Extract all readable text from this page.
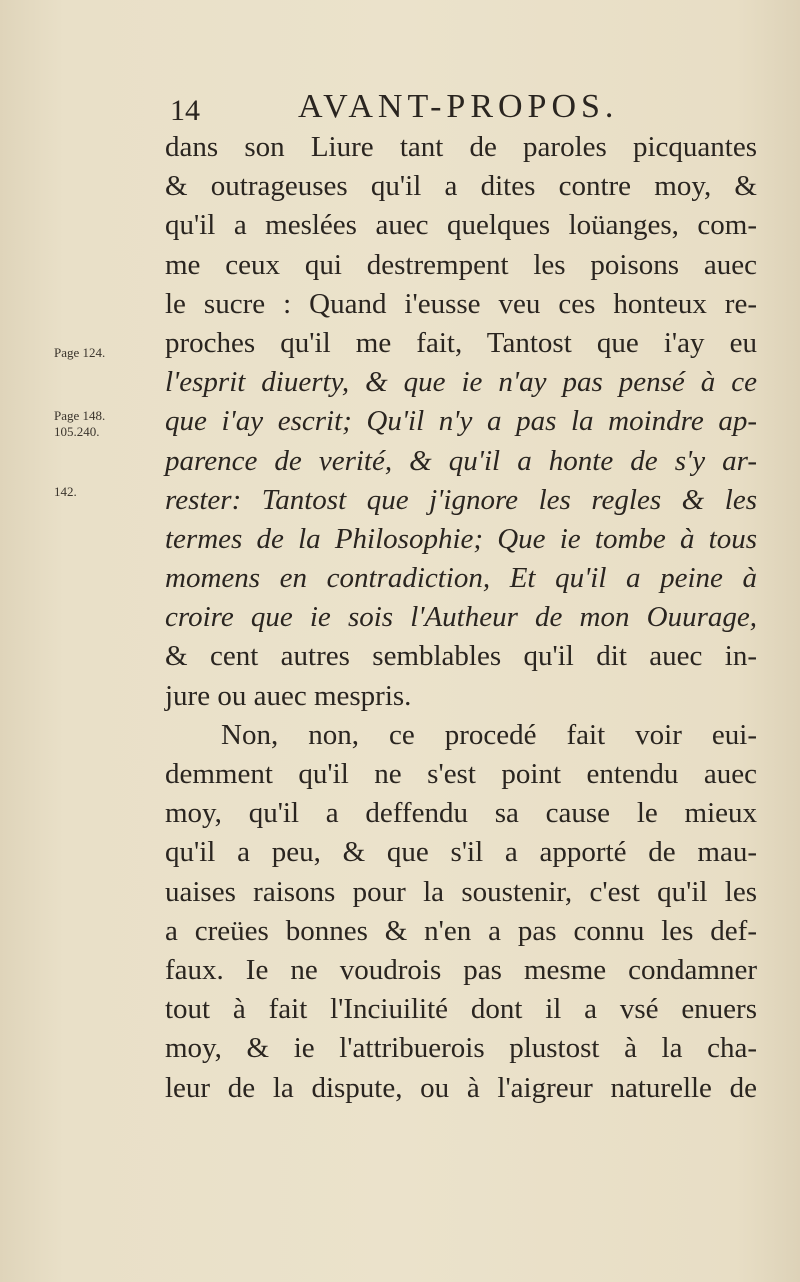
14	AVANT-PROPOS.
Page 124.
Page 148.
105.240.
142.
dans son Liure tant de paroles picquantes
& outrageuses qu'il a dites contre moy, &
qu'il a meslées auec quelques loüanges, com-
me ceux qui destrempent les poisons auec
le sucre : Quand i'eusse veu ces honteux re-
proches qu'il me fait, Tantost que i'ay eu
l'esprit diuerty, & que ie n'ay pas pensé à ce
que i'ay escrit; Qu'il n'y a pas la moindre ap-
parence de verité, & qu'il a honte de s'y ar-
rester: Tantost que j'ignore les regles & les
termes de la Philosophie; Que ie tombe à tous
momens en contradiction, Et qu'il a peine à
croire que ie sois l'Autheur de mon Ouurage,
& cent autres semblables qu'il dit auec in-
jure ou auec mespris.
Non, non, ce procedé fait voir eui-
demment qu'il ne s'est point entendu auec
moy, qu'il a deffendu sa cause le mieux
qu'il a peu, & que s'il a apporté de mau-
uaises raisons pour la soustenir, c'est qu'il les
a creües bonnes & n'en a pas connu les def-
faux. Ie ne voudrois pas mesme condamner
tout à fait l'Inciuilité dont il a vsé enuers
moy, & ie l'attribuerois plustost à la cha-
leur de la dispute, ou à l'aigreur naturelle de
